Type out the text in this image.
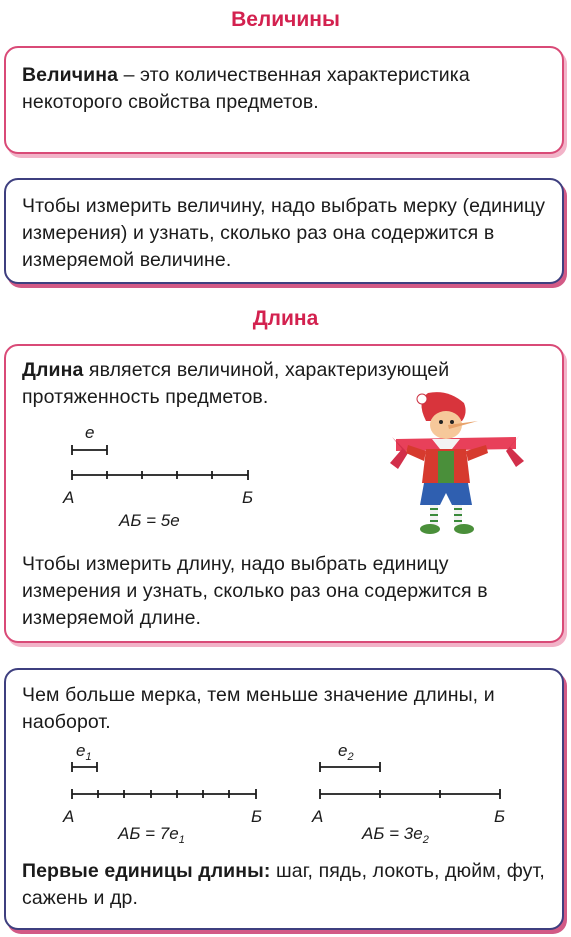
Величины
Величина – это количественная характеристика некоторого свойства предметов.
Чтобы измерить величину, надо выбрать мерку (единицу измерения) и узнать, сколько раз она содержится в измеряемой величине.
Длина
Длина является величиной, характеризующей протяженность предметов.
e
А	Б
АБ = 5e
Чтобы измерить длину, надо выбрать единицу измерения и узнать, сколько раз она содержится в измеряемой длине.
Чем больше мерка, тем меньше значение длины, и наоборот.
$e_1$
А	Б
АБ = $7e_1$
$e_2$
А	Б
АБ = $3e_2$
Первые единицы длины: шаг, пядь, локоть, дюйм, фут, сажень и др.
